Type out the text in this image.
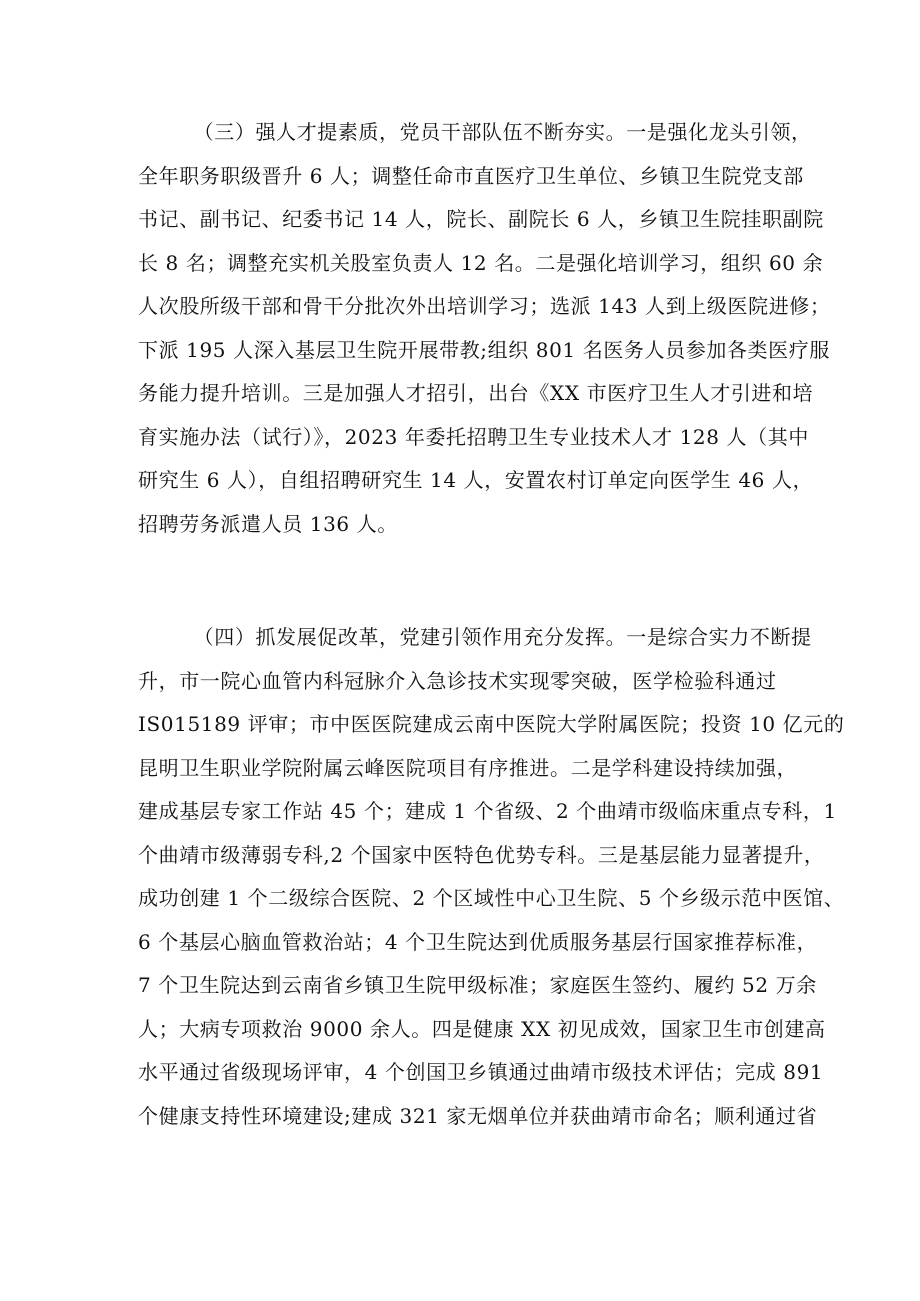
（三）强人才提素质，党员干部队伍不断夯实。一是强化龙头引领，
全年职务职级晋升 6 人；调整任命市直医疗卫生单位、乡镇卫生院党支部
书记、副书记、纪委书记 14 人，院长、副院长 6 人，乡镇卫生院挂职副院
长 8 名；调整充实机关股室负责人 12 名。二是强化培训学习，组织 60 余
人次股所级干部和骨干分批次外出培训学习；选派 143 人到上级医院进修；
下派 195 人深入基层卫生院开展带教;组织 801 名医务人员参加各类医疗服
务能力提升培训。三是加强人才招引，出台《XX 市医疗卫生人才引进和培
育实施办法（试行）》，2023 年委托招聘卫生专业技术人才 128 人（其中
研究生 6 人），自组招聘研究生 14 人，安置农村订单定向医学生 46 人，
招聘劳务派遣人员 136 人。
（四）抓发展促改革，党建引领作用充分发挥。一是综合实力不断提
升，市一院心血管内科冠脉介入急诊技术实现零突破，医学检验科通过
IS015189 评审；市中医医院建成云南中医院大学附属医院；投资 10 亿元的
昆明卫生职业学院附属云峰医院项目有序推进。二是学科建设持续加强，
建成基层专家工作站 45 个；建成 1 个省级、2 个曲靖市级临床重点专科，1
个曲靖市级薄弱专科,2 个国家中医特色优势专科。三是基层能力显著提升，
成功创建 1 个二级综合医院、2 个区域性中心卫生院、5 个乡级示范中医馆、
6 个基层心脑血管救治站；4 个卫生院达到优质服务基层行国家推荐标准，
7 个卫生院达到云南省乡镇卫生院甲级标准；家庭医生签约、履约 52 万余
人；大病专项救治 9000 余人。四是健康 XX 初见成效，国家卫生市创建高
水平通过省级现场评审，4 个创国卫乡镇通过曲靖市级技术评估；完成 891
个健康支持性环境建设;建成 321 家无烟单位并获曲靖市命名；顺利通过省
